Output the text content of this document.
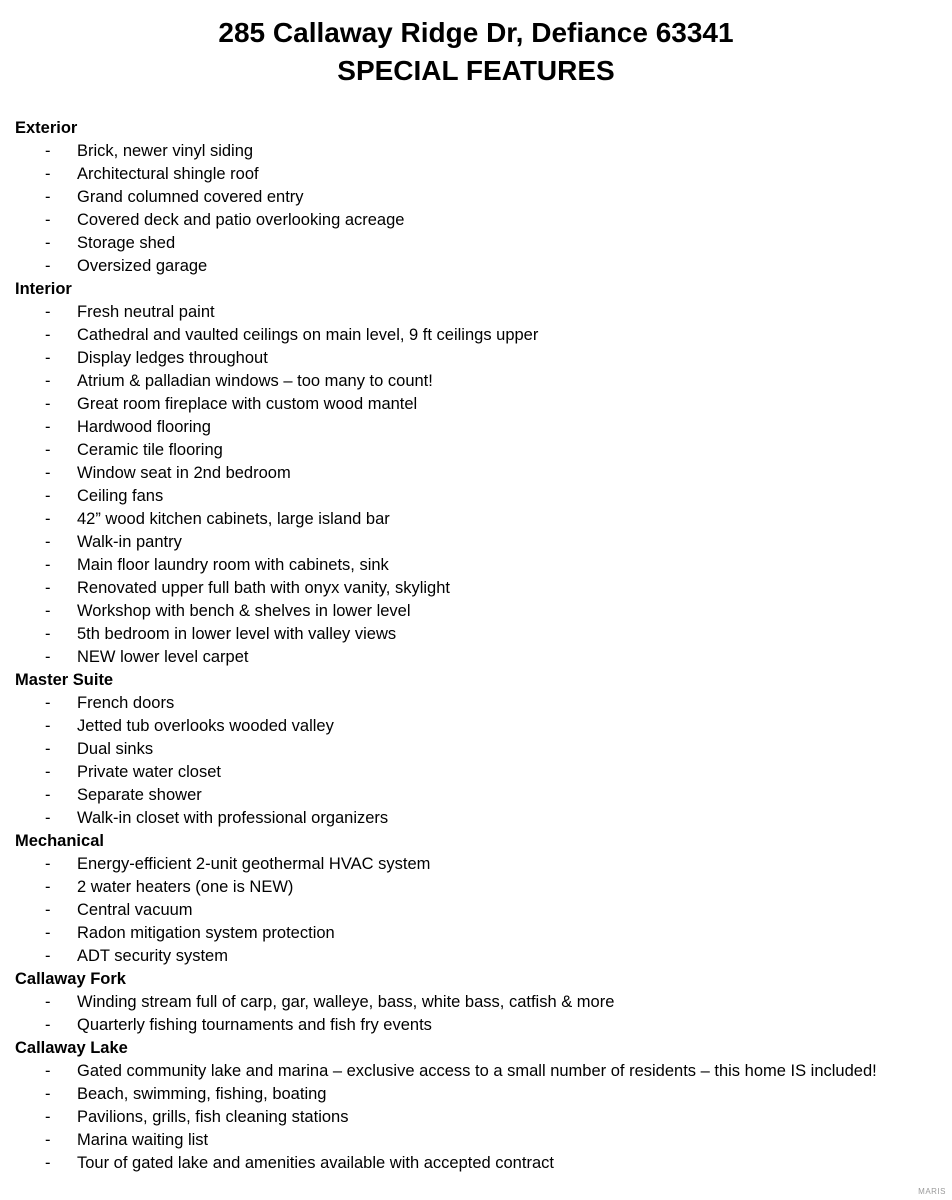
285 Callaway Ridge Dr, Defiance 63341
SPECIAL FEATURES
Exterior
- Brick, newer vinyl siding
- Architectural shingle roof
- Grand columned covered entry
- Covered deck and patio overlooking acreage
- Storage shed
- Oversized garage
Interior
- Fresh neutral paint
- Cathedral and vaulted ceilings on main level, 9 ft ceilings upper
- Display ledges throughout
- Atrium & palladian windows – too many to count!
- Great room fireplace with custom wood mantel
- Hardwood flooring
- Ceramic tile flooring
- Window seat in 2nd bedroom
- Ceiling fans
- 42” wood kitchen cabinets, large island bar
- Walk-in pantry
- Main floor laundry room with cabinets, sink
- Renovated upper full bath with onyx vanity, skylight
- Workshop with bench & shelves in lower level
- 5th bedroom in lower level with valley views
- NEW lower level carpet
Master Suite
- French doors
- Jetted tub overlooks wooded valley
- Dual sinks
- Private water closet
- Separate shower
- Walk-in closet with professional organizers
Mechanical
- Energy-efficient 2-unit geothermal HVAC system
- 2 water heaters (one is NEW)
- Central vacuum
- Radon mitigation system protection
- ADT security system
Callaway Fork
- Winding stream full of carp, gar, walleye, bass, white bass, catfish & more
- Quarterly fishing tournaments and fish fry events
Callaway Lake
- Gated community lake and marina – exclusive access to a small number of residents – this home IS included!
- Beach, swimming, fishing, boating
- Pavilions, grills, fish cleaning stations
- Marina waiting list
- Tour of gated lake and amenities available with accepted contract
MARIS
